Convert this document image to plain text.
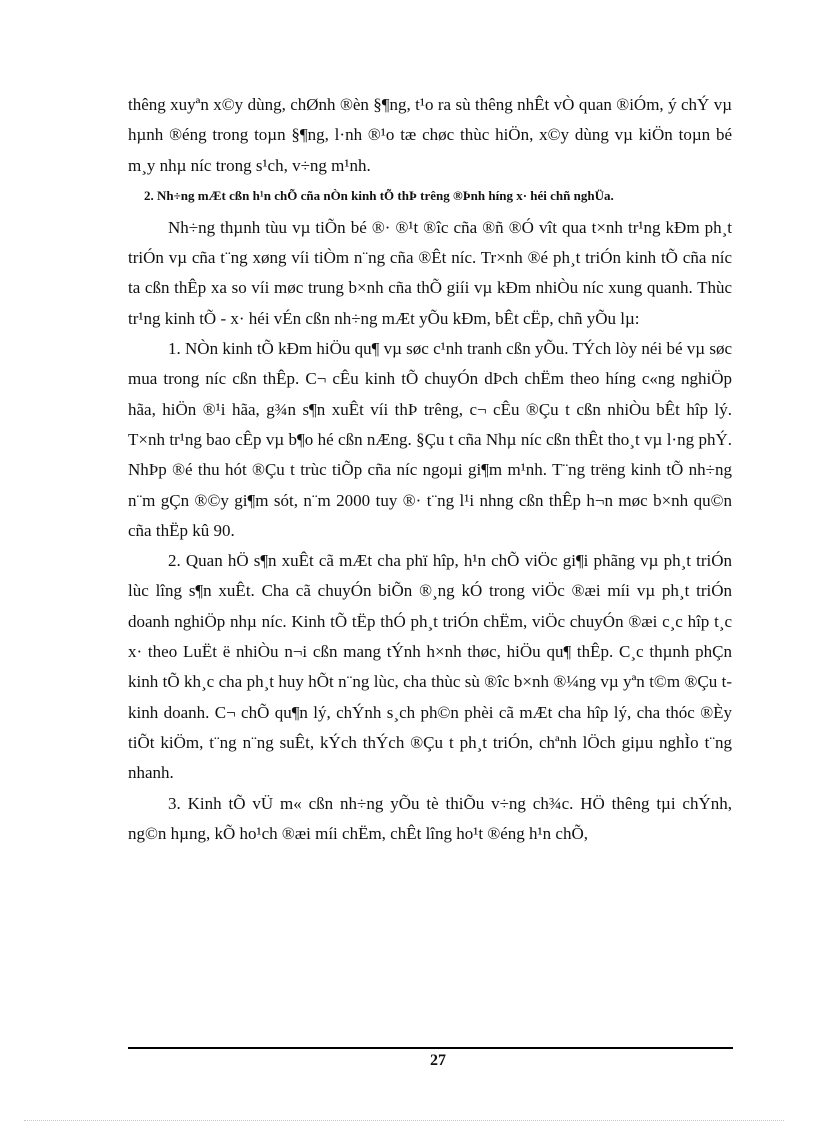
thêng xuyªn x©y dùng, chØnh ®èn §¶ng, t¹o ra sù thêng nhÊt vÒ quan ®iÓm, ý chÝ vµ hµnh ®éng trong toµn §¶ng, l·nh ®¹o tæ chøc thùc hiÖn, x©y dùng vµ kiÖn toµn bé m¸y nhµ níc trong s¹ch, v÷ng m¹nh.

2. Nh÷ng mÆt cßn h¹n chÕ cña nÒn kinh tÕ thÞ trêng ®Þnh híng x· héi chñ nghÜa.

Nh÷ng thµnh tùu vµ tiÕn bé ®· ®¹t ®îc cña ®ñ ®Ó vît qua t×nh tr¹ng kÐm ph¸t triÓn vµ cña t¨ng xøng víi tiÒm n¨ng cña ®Êt níc. Tr×nh ®é ph¸t triÓn kinh tÕ cña níc ta cßn thÊp xa so víi møc trung b×nh cña thÕ giíi vµ kÐm nhiÒu níc xung quanh. Thùc tr¹ng kinh tÕ - x· héi vÉn cßn nh÷ng mÆt yÕu kÐm, bÊt cËp, chñ yÕu lµ:

1. NÒn kinh tÕ kÐm hiÖu qu¶ vµ søc c¹nh tranh cßn yÕu. TÝch lòy néi bé vµ søc mua trong níc cßn thÊp. C¬ cÊu kinh tÕ chuyÓn dÞch chËm theo híng c«ng nghiÖp hãa, hiÖn ®¹i hãa, g¾n s¶n xuÊt víi thÞ trêng, c¬ cÊu ®Çu t cßn nhiÒu bÊt hîp lý. T×nh tr¹ng bao cÊp vµ b¶o hé cßn nÆng. §Çu t cña Nhµ níc cßn thÊt tho¸t vµ l·ng phÝ. NhÞp ®é thu hót ®Çu t trùc tiÕp cña níc ngoµi gi¶m m¹nh. T¨ng trëng kinh tÕ nh÷ng n¨m gÇn ®©y gi¶m sót, n¨m 2000 tuy ®· t¨ng l¹i nhng cßn thÊp h¬n møc b×nh qu©n cña thËp kû 90.

2. Quan hÖ s¶n xuÊt cã mÆt cha phï hîp, h¹n chÕ viÖc gi¶i phãng vµ ph¸t triÓn lùc lîng s¶n xuÊt. Cha cã chuyÓn biÕn ®¸ng kÓ trong viÖc ®æi míi vµ ph¸t triÓn doanh nghiÖp nhµ níc. Kinh tÕ tËp thÓ ph¸t triÓn chËm, viÖc chuyÓn ®æi c¸c hîp t¸c x· theo LuËt ë nhiÒu n¬i cßn mang tÝnh h×nh thøc, hiÖu qu¶ thÊp. C¸c thµnh phÇn kinh tÕ kh¸c cha ph¸t huy hÕt n¨ng lùc, cha thùc sù ®îc b×nh ®¼ng vµ yªn t©m ®Çu t kinh doanh. C¬ chÕ qu¶n lý, chÝnh s¸ch ph©n phèi cã mÆt cha hîp lý, cha thóc ®Èy tiÕt kiÖm, t¨ng n¨ng suÊt, kÝch thÝch ®Çu t ph¸t triÓn, chªnh lÖch giµu nghÌo t¨ng nhanh.

3. Kinh tÕ vÜ m« cßn nh÷ng yÕu tè thiÕu v÷ng ch¾c. HÖ thêng tµi chÝnh, ng©n hµng, kÕ ho¹ch ®æi míi chËm, chÊt lîng ho¹t ®éng h¹n chÕ,

27
